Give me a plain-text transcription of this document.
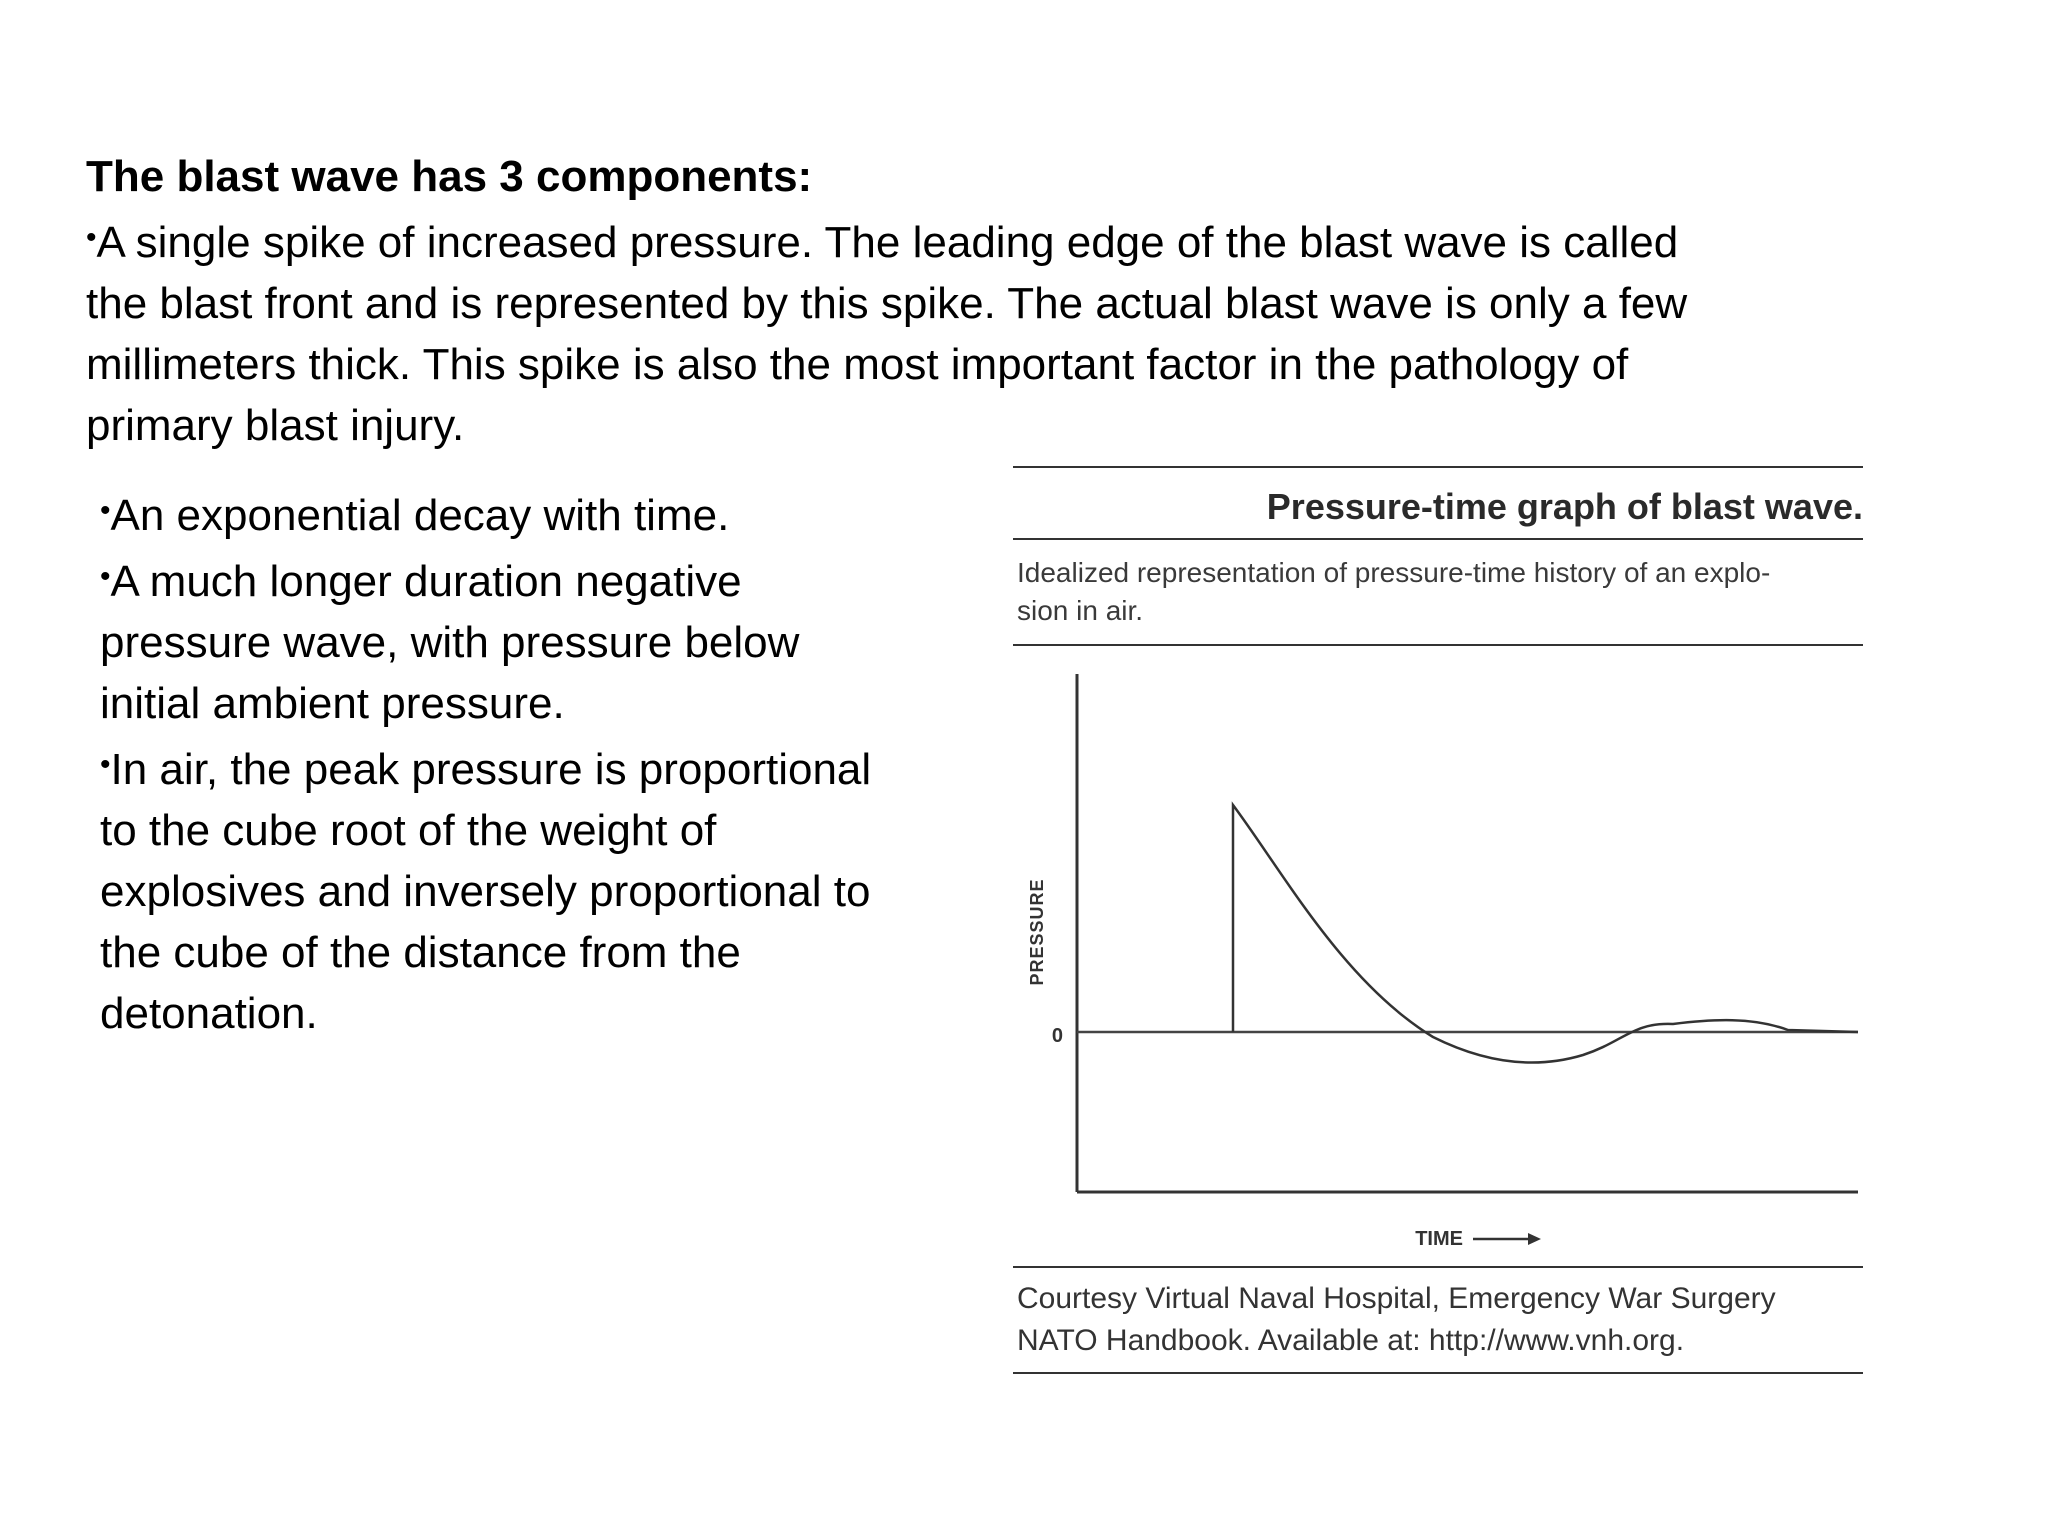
The blast wave has 3 components:
•A single spike of increased pressure. The leading edge of the blast wave is called
the blast front and is represented by this spike. The actual blast wave is only a few
millimeters thick. This spike is also the most important factor in the pathology of
primary blast injury.
•An exponential decay with time.
•A much longer duration negative
pressure wave, with pressure below
initial ambient pressure.
•In air, the peak pressure is proportional
to the cube root of the weight of
explosives and inversely proportional to
the cube of the distance from the
detonation.
Pressure-time graph of blast wave.
Idealized representation of pressure-time history of an explo-
sion in air.
0
PRESSURE
TIME
Courtesy Virtual Naval Hospital, Emergency War Surgery
NATO Handbook. Available at: http://www.vnh.org.
